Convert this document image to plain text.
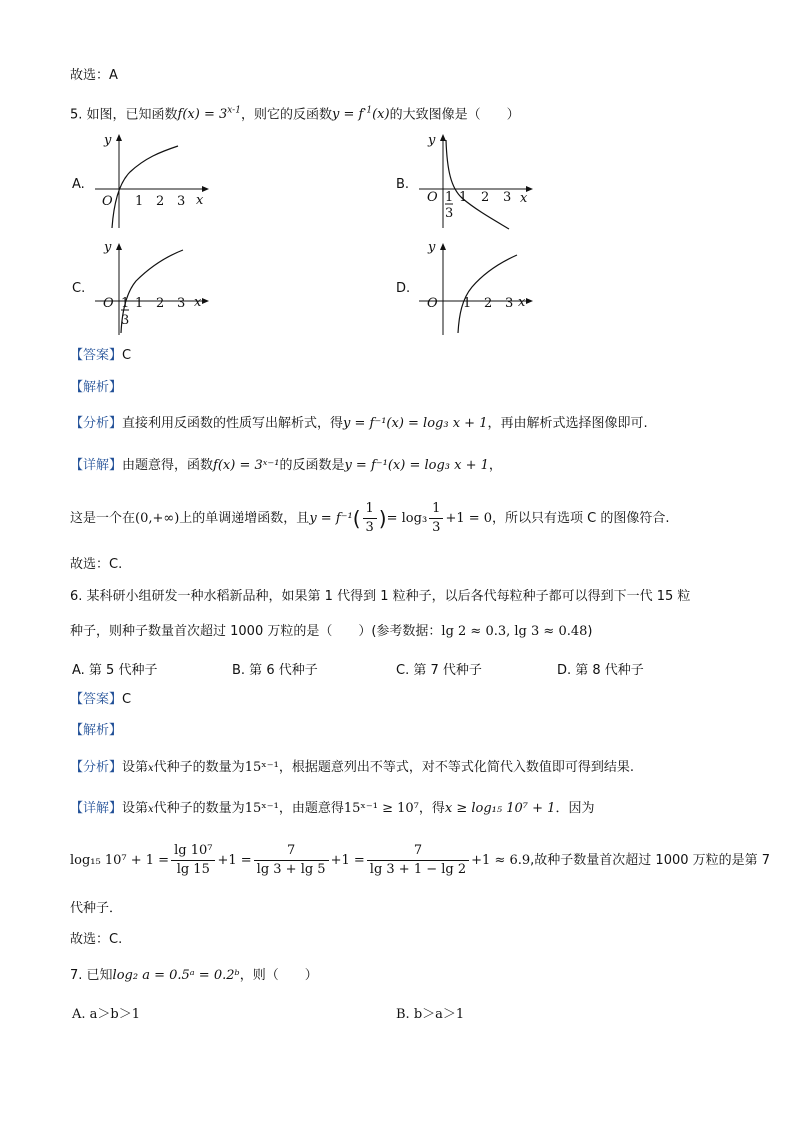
故选：A
5. 如图，已知函数$f(x) = 3^{x-1}$，则它的反函数$y = f^{-1}(x)$的大致图像是（　　）
A.
y
x
O 1 2 3
B.
y
x
O 1
3
1 2 3
C.
y
x
O 1
3
1 2 3
D.
y
x
O 1 2 3
【答案】C
【解析】
【分析】直接利用反函数的性质写出解析式，得y = f⁻¹(x) = log₃ x + 1，再由解析式选择图像即可.
【详解】由题意得，函数f(x) = 3ˣ⁻¹的反函数是y = f⁻¹(x) = log₃ x + 1，
这是一个在(0,+∞)上的单调递增函数，且$y = f^{-1}( \frac{1}{3}$ )= $\log_3 \frac{1}{3} +1 = 0$，所以只有选项 C 的图像符合.
故选：C.
6. 某科研小组研发一种水稻新品种，如果第 1 代得到 1 粒种子，以后各代每粒种子都可以得到下一代 15 粒
种子，则种子数量首次超过 1000 万粒的是（　　）(参考数据：lg 2 ≈ 0.3, lg 3 ≈ 0.48)
A. 第 5 代种子	B. 第 6 代种子	C. 第 7 代种子	D. 第 8 代种子
【答案】C
【解析】
【分析】设第x代种子的数量为15ˣ⁻¹，根据题意列出不等式，对不等式化简代入数值即可得到结果.
【详解】设第x代种子的数量为15ˣ⁻¹，由题意得15ˣ⁻¹ ≥ 10⁷，得x ≥ log₁₅ 10⁷ + 1．因为
log₁₅ $10^7 + 1 = \frac{\text{lg 10⁷}}{\lg 15} +1 = \frac{7}{\lg 3 + \lg 5} +1 = \frac{7}{\lg 3 + 1 - \lg 2} +1 \approx 6.9$,故种子数量首次超过 1000 万粒的是第 7
代种子．
故选：C.
7. 已知log₂ a = 0.5ᵃ = 0.2ᵇ，则（　　）
A. a＞b＞1	B. b＞a＞1
